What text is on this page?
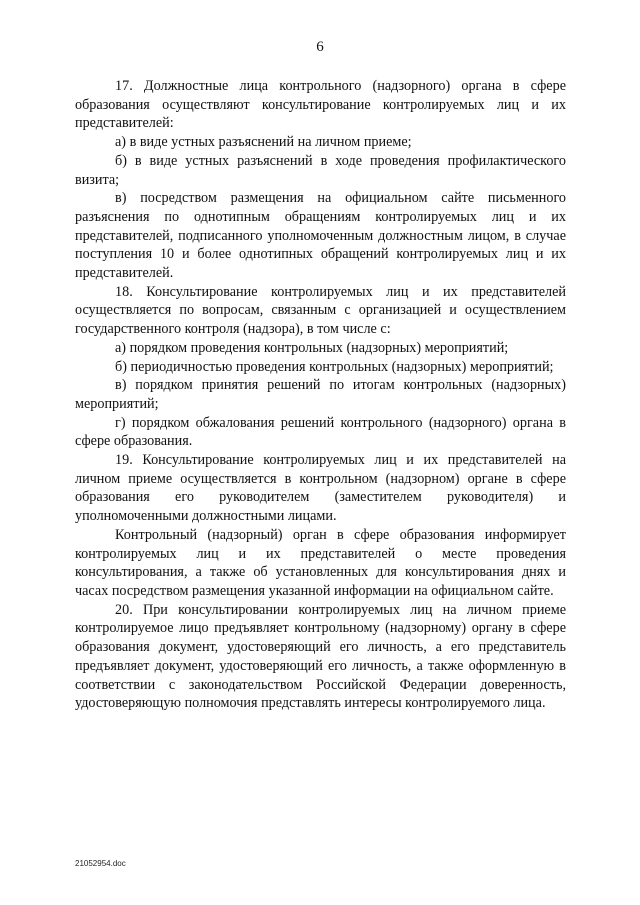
6

17. Должностные лица контрольного (надзорного) органа в сфере образования осуществляют консультирование контролируемых лиц и их представителей:

а) в виде устных разъяснений на личном приеме;

б) в виде устных разъяснений в ходе проведения профилактического визита;

в) посредством размещения на официальном сайте письменного разъяснения по однотипным обращениям контролируемых лиц и их представителей, подписанного уполномоченным должностным лицом, в случае поступления 10 и более однотипных обращений контролируемых лиц и их представителей.

18. Консультирование контролируемых лиц и их представителей осуществляется по вопросам, связанным с организацией и осуществлением государственного контроля (надзора), в том числе с:

а) порядком проведения контрольных (надзорных) мероприятий;

б) периодичностью проведения контрольных (надзорных) мероприятий;

в) порядком принятия решений по итогам контрольных (надзорных) мероприятий;

г) порядком обжалования решений контрольного (надзорного) органа в сфере образования.

19. Консультирование контролируемых лиц и их представителей на личном приеме осуществляется в контрольном (надзорном) органе в сфере образования его руководителем (заместителем руководителя) и уполномоченными должностными лицами.

Контрольный (надзорный) орган в сфере образования информирует контролируемых лиц и их представителей о месте проведения консультирования, а также об установленных для консультирования днях и часах посредством размещения указанной информации на официальном сайте.

20. При консультировании контролируемых лиц на личном приеме контролируемое лицо предъявляет контрольному (надзорному) органу в сфере образования документ, удостоверяющий его личность, а его представитель предъявляет документ, удостоверяющий его личность, а также оформленную в соответствии с законодательством Российской Федерации доверенность, удостоверяющую полномочия представлять интересы контролируемого лица.

21052954.doc
